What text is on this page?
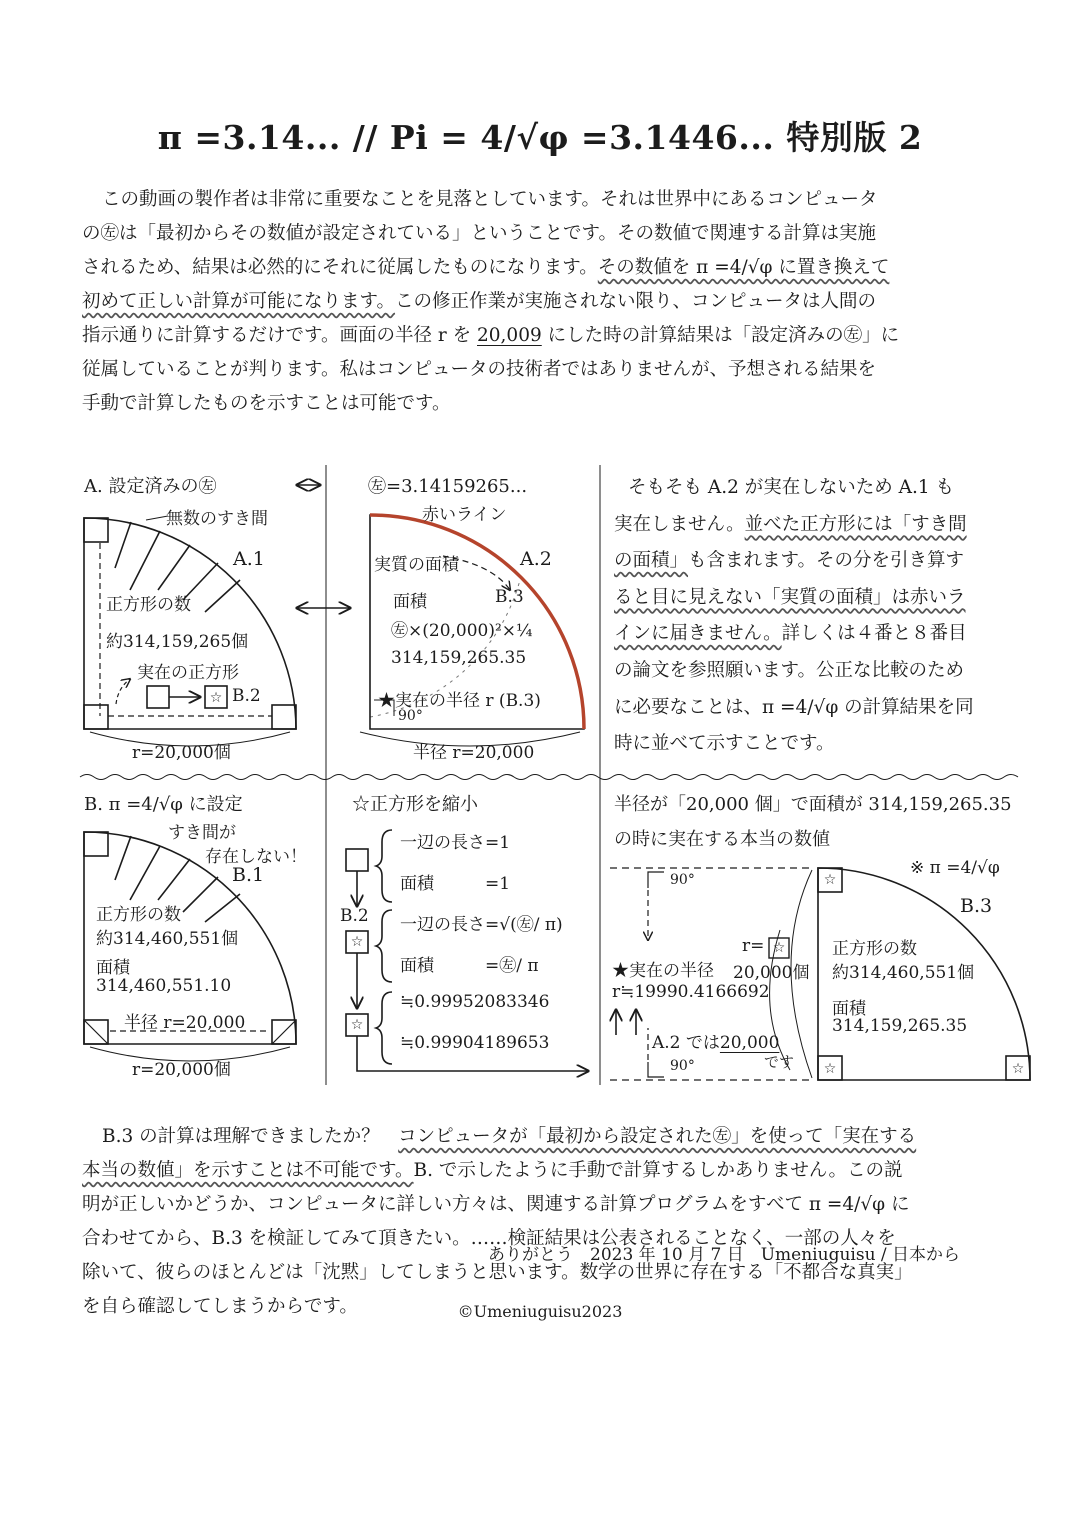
π =3.14... // Pi = 4/√φ =3.1446... 特別版 2

この動画の製作者は非常に重要なことを見落としています。それは世界中にあるコンピュータ

の㊧は「最初からその数値が設定されている」ということです。その数値で関連する計算は実施

されるため、結果は必然的にそれに従属したものになります。その数値を π =4/√φ に置き換えて

初めて正しい計算が可能になります。この修正作業が実施されない限り、コンピュータは人間の

指示通りに計算するだけです。画面の半径 r を 20,009 にした時の計算結果は「設定済みの㊧」に

従属していることが判ります。私はコンピュータの技術者ではありませんが、予想される結果を

手動で計算したものを示すことは可能です。

☆
☆
☆
☆
☆	☆
☆
A. 設定済みの㊧	㊧=3.14159265...
無数のすき間
A.1
正方形の数
約314,159,265個
実在の正方形
B.2
r=20,000個
赤いライン
実質の面積	A.2
面積	B.3
㊧×(20,000)²×¼
314,159,265.35
★実在の半径 r (B.3)
90°
半径 r=20,000

そもそも A.2 が実在しないため A.1 も

実在しません。並べた正方形には「すき間

の面積」も含まれます。その分を引き算す

ると目に見えない「実質の面積」は赤いラ

インに届きません。詳しくは４番と８番目

の論文を参照願います。公正な比較のため

に必要なことは、π =4/√φ の計算結果を同

時に並べて示すことです。

B. π =4/√φ に設定
すき間が
存在しない！
B.1
正方形の数
約314,460,551個
面積
314,460,551.10
半径 r=20,000
r=20,000個
☆正方形を縮小
一辺の長さ=1
面積　　　=1
B.2 一辺の長さ=√(㊧/ π)
面積　　　=㊧/ π
≒0.99952083346
≒0.99904189653
半径が「20,000 個」で面積が 314,159,265.35
の時に実在する本当の数値
※ π =4/√φ
90°
B.3
r=
20,000個
★実在の半径
r≒19990.4166692
正方形の数
約314,460,551個
面積
314,159,265.35
A.2 では20,000
です
90°

B.3 の計算は理解できましたか？　コンピュータが「最初から設定された㊧」を使って「実在する

本当の数値」を示すことは不可能です。B. で示したように手動で計算するしかありません。この説

明が正しいかどうか、コンピュータに詳しい方々は、関連する計算プログラムをすべて π =4/√φ に

合わせてから、B.3 を検証してみて頂きたい。……検証結果は公表されることなく、一部の人々を

除いて、彼らのほとんどは「沈黙」してしまうと思います。数学の世界に存在する「不都合な真実」

を自ら確認してしまうからです。

ありがとう　2023 年 10 月 7 日　Umeniuguisu / 日本から
©Umeniuguisu2023
